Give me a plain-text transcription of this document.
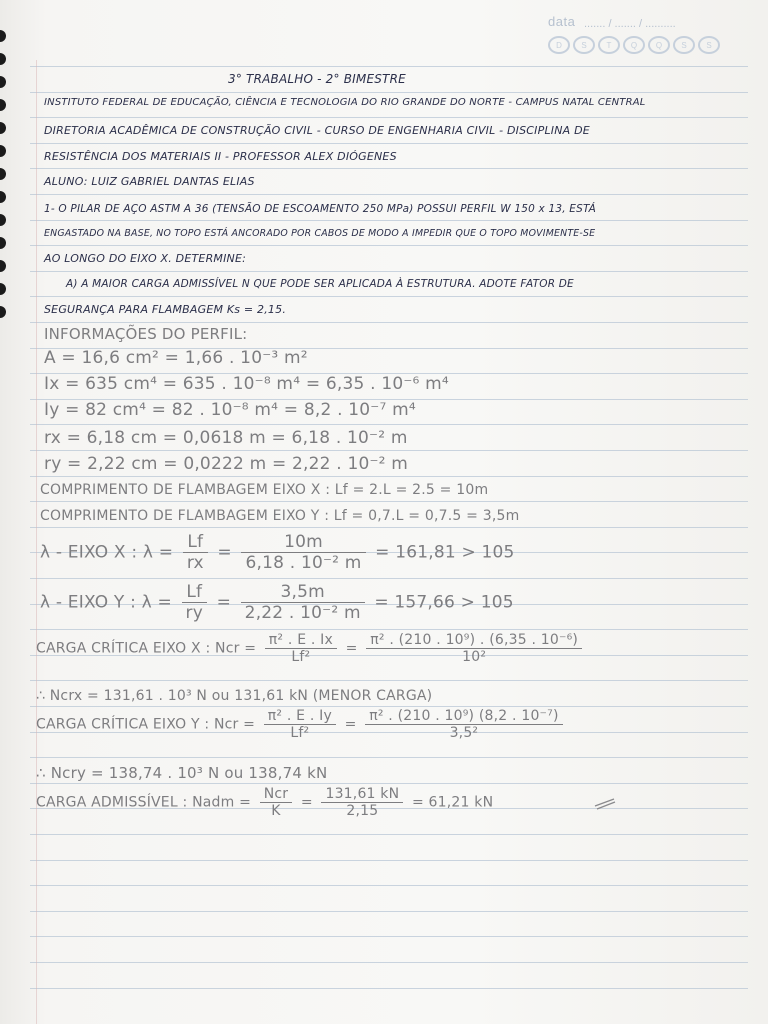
data ....... / ....... / ..........
D	S	T	Q	Q	S	S
3° TRABALHO - 2° BIMESTRE
INSTITUTO FEDERAL DE EDUCAÇÃO, CIÊNCIA E TECNOLOGIA DO RIO GRANDE DO NORTE - CAMPUS NATAL CENTRAL
DIRETORIA ACADÊMICA DE CONSTRUÇÃO CIVIL - CURSO DE ENGENHARIA CIVIL - DISCIPLINA DE
RESISTÊNCIA DOS MATERIAIS II - PROFESSOR ALEX DIÓGENES
ALUNO: LUIZ GABRIEL DANTAS ELIAS
1- O PILAR DE AÇO ASTM A 36 (TENSÃO DE ESCOAMENTO 250 MPa) POSSUI PERFIL W 150 x 13, ESTÁ
ENGASTADO NA BASE, NO TOPO ESTÁ ANCORADO POR CABOS DE MODO A IMPEDIR QUE O TOPO MOVIMENTE-SE
AO LONGO DO EIXO X. DETERMINE:
A) A MAIOR CARGA ADMISSÍVEL N QUE PODE SER APLICADA À ESTRUTURA. ADOTE FATOR DE
SEGURANÇA PARA FLAMBAGEM Ks = 2,15.
INFORMAÇÕES DO PERFIL:
A = 16,6 cm² = 1,66 . 10⁻³ m²
Ix = 635 cm⁴ = 635 . 10⁻⁸ m⁴ = 6,35 . 10⁻⁶ m⁴
Iy = 82 cm⁴ = 82 . 10⁻⁸ m⁴ = 8,2 . 10⁻⁷ m⁴
rx = 6,18 cm = 0,0618 m = 6,18 . 10⁻² m
ry = 2,22 cm = 0,0222 m = 2,22 . 10⁻² m
COMPRIMENTO DE FLAMBAGEM EIXO X : Lf = 2.L = 2.5 = 10m
COMPRIMENTO DE FLAMBAGEM EIXO Y : Lf = 0,7.L = 0,7.5 = 3,5m
λ - EIXO X : $\lambda = \frac{Lf}{rx} = \frac{10m}{\text{6,18 . 10⁻² m}} = 161,81 > 105$
λ - EIXO Y : $\lambda = \frac{Lf}{ry} = \frac{3,5m}{\text{2,22 . 10⁻² m}} = 157,66 > 105$
CARGA CRÍTICA EIXO X : Ncr = $\frac{\text{π² . E . Ix}}{\text{Lf²}} = \frac{\text{π² . (210 . 10⁹) . (6,35 . 10⁻⁶)}}{\text{10²}}$
∴ Ncrx = 131,61 . 10³ N ou 131,61 kN (MENOR CARGA)
CARGA CRÍTICA EIXO Y : Ncr = $\frac{\text{π² . E . Iy}}{\text{Lf²}} = \frac{\text{π² . (210 . 10⁹) (8,2 . 10⁻⁷)}}{\text{3,5²}}$
∴ Ncry = 138,74 . 10³ N ou 138,74 kN
CARGA ADMISSÍVEL : Nadm = $\frac{\text{Ncr}}{K} = \frac{131,61 kN}{2,15} = 61,21$ kN
